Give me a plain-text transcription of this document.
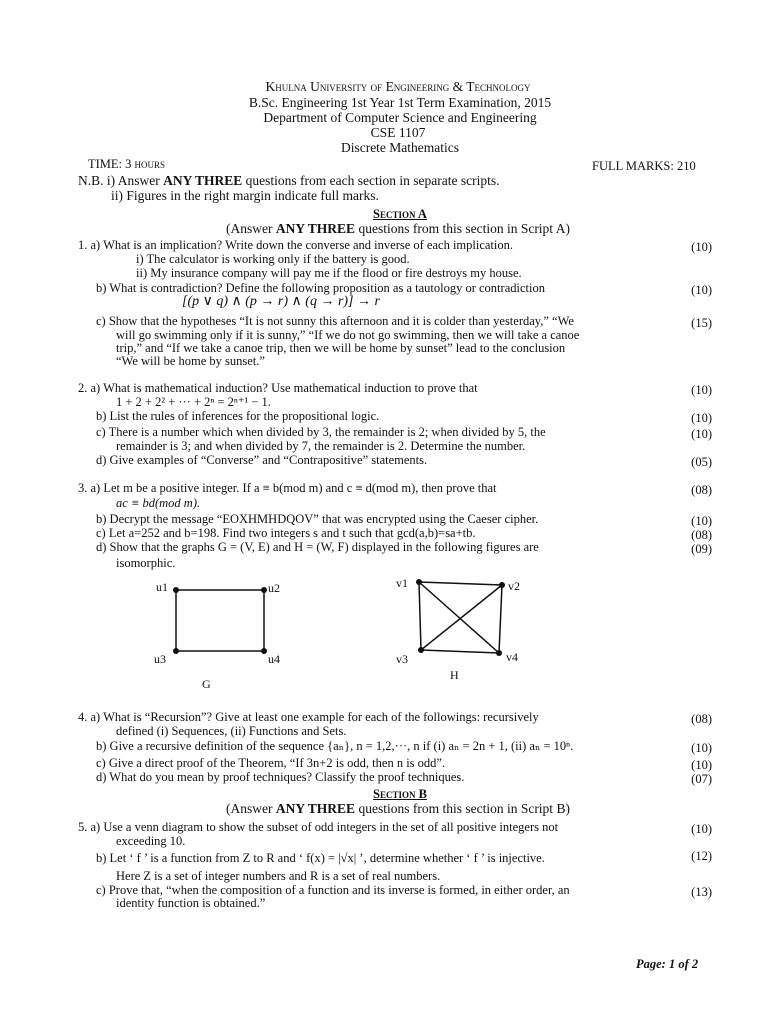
Khulna University of Engineering & Technology
B.Sc. Engineering 1st Year 1st Term Examination, 2015
Department of Computer Science and Engineering
CSE 1107
Discrete Mathematics
TIME: 3 hours	FULL MARKS: 210
N.B. i) Answer ANY THREE questions from each section in separate scripts.
ii) Figures in the right margin indicate full marks.
Section A
(Answer ANY THREE questions from this section in Script A)
1. a) What is an implication? Write down the converse and inverse of each implication.	(10)
i) The calculator is working only if the battery is good.
ii) My insurance company will pay me if the flood or fire destroys my house.
b) What is contradiction? Define the following proposition as a tautology or contradiction	(10)
[(p ∨ q) ∧ (p → r) ∧ (q → r)] → r
c) Show that the hypotheses “It is not sunny this afternoon and it is colder than yesterday,” “We	(15)
will go swimming only if it is sunny,” “If we do not go swimming, then we will take a canoe
trip,” and “If we take a canoe trip, then we will be home by sunset” lead to the conclusion
“We will be home by sunset.”
2. a) What is mathematical induction? Use mathematical induction to prove that	(10)
1 + 2 + 2² + ··· + 2ⁿ = 2ⁿ⁺¹ − 1.
b) List the rules of inferences for the propositional logic.	(10)
c) There is a number which when divided by 3, the remainder is 2; when divided by 5, the	(10)
remainder is 3; and when divided by 7, the remainder is 2. Determine the number.
d) Give examples of “Converse” and “Contrapositive” statements.	(05)
3. a) Let m be a positive integer. If a ≡ b(mod m) and c ≡ d(mod m), then prove that	(08)
ac ≡ bd(mod m).
b) Decrypt the message “EOXHMHDQOV” that was encrypted using the Caeser cipher.	(10)
c) Let a=252 and b=198. Find two integers s and t such that gcd(a,b)=sa+tb.	(08)
d) Show that the graphs G = (V, E) and H = (W, F) displayed in the following figures are	(09)
isomorphic.
u1	u2
u3	u4
G
v1	v2
v3	v4
H
4. a) What is “Recursion”? Give at least one example for each of the followings: recursively	(08)
defined (i) Sequences, (ii) Functions and Sets.
b) Give a recursive definition of the sequence {aₙ}, n = 1,2,···, n if (i) aₙ = 2n + 1, (ii) aₙ = 10ⁿ.	(10)
c) Give a direct proof of the Theorem, “If 3n+2 is odd, then n is odd”.	(10)
d) What do you mean by proof techniques? Classify the proof techniques.	(07)
Section B
(Answer ANY THREE questions from this section in Script B)
5. a) Use a venn diagram to show the subset of odd integers in the set of all positive integers not	(10)
exceeding 10.
b) Let ‘ f ’ is a function from Z to R and ‘ f(x) = |√x| ’, determine whether ‘ f ’ is injective.	(12)
Here Z is a set of integer numbers and R is a set of real numbers.
c) Prove that, “when the composition of a function and its inverse is formed, in either order, an	(13)
identity function is obtained.”
Page: 1 of 2
